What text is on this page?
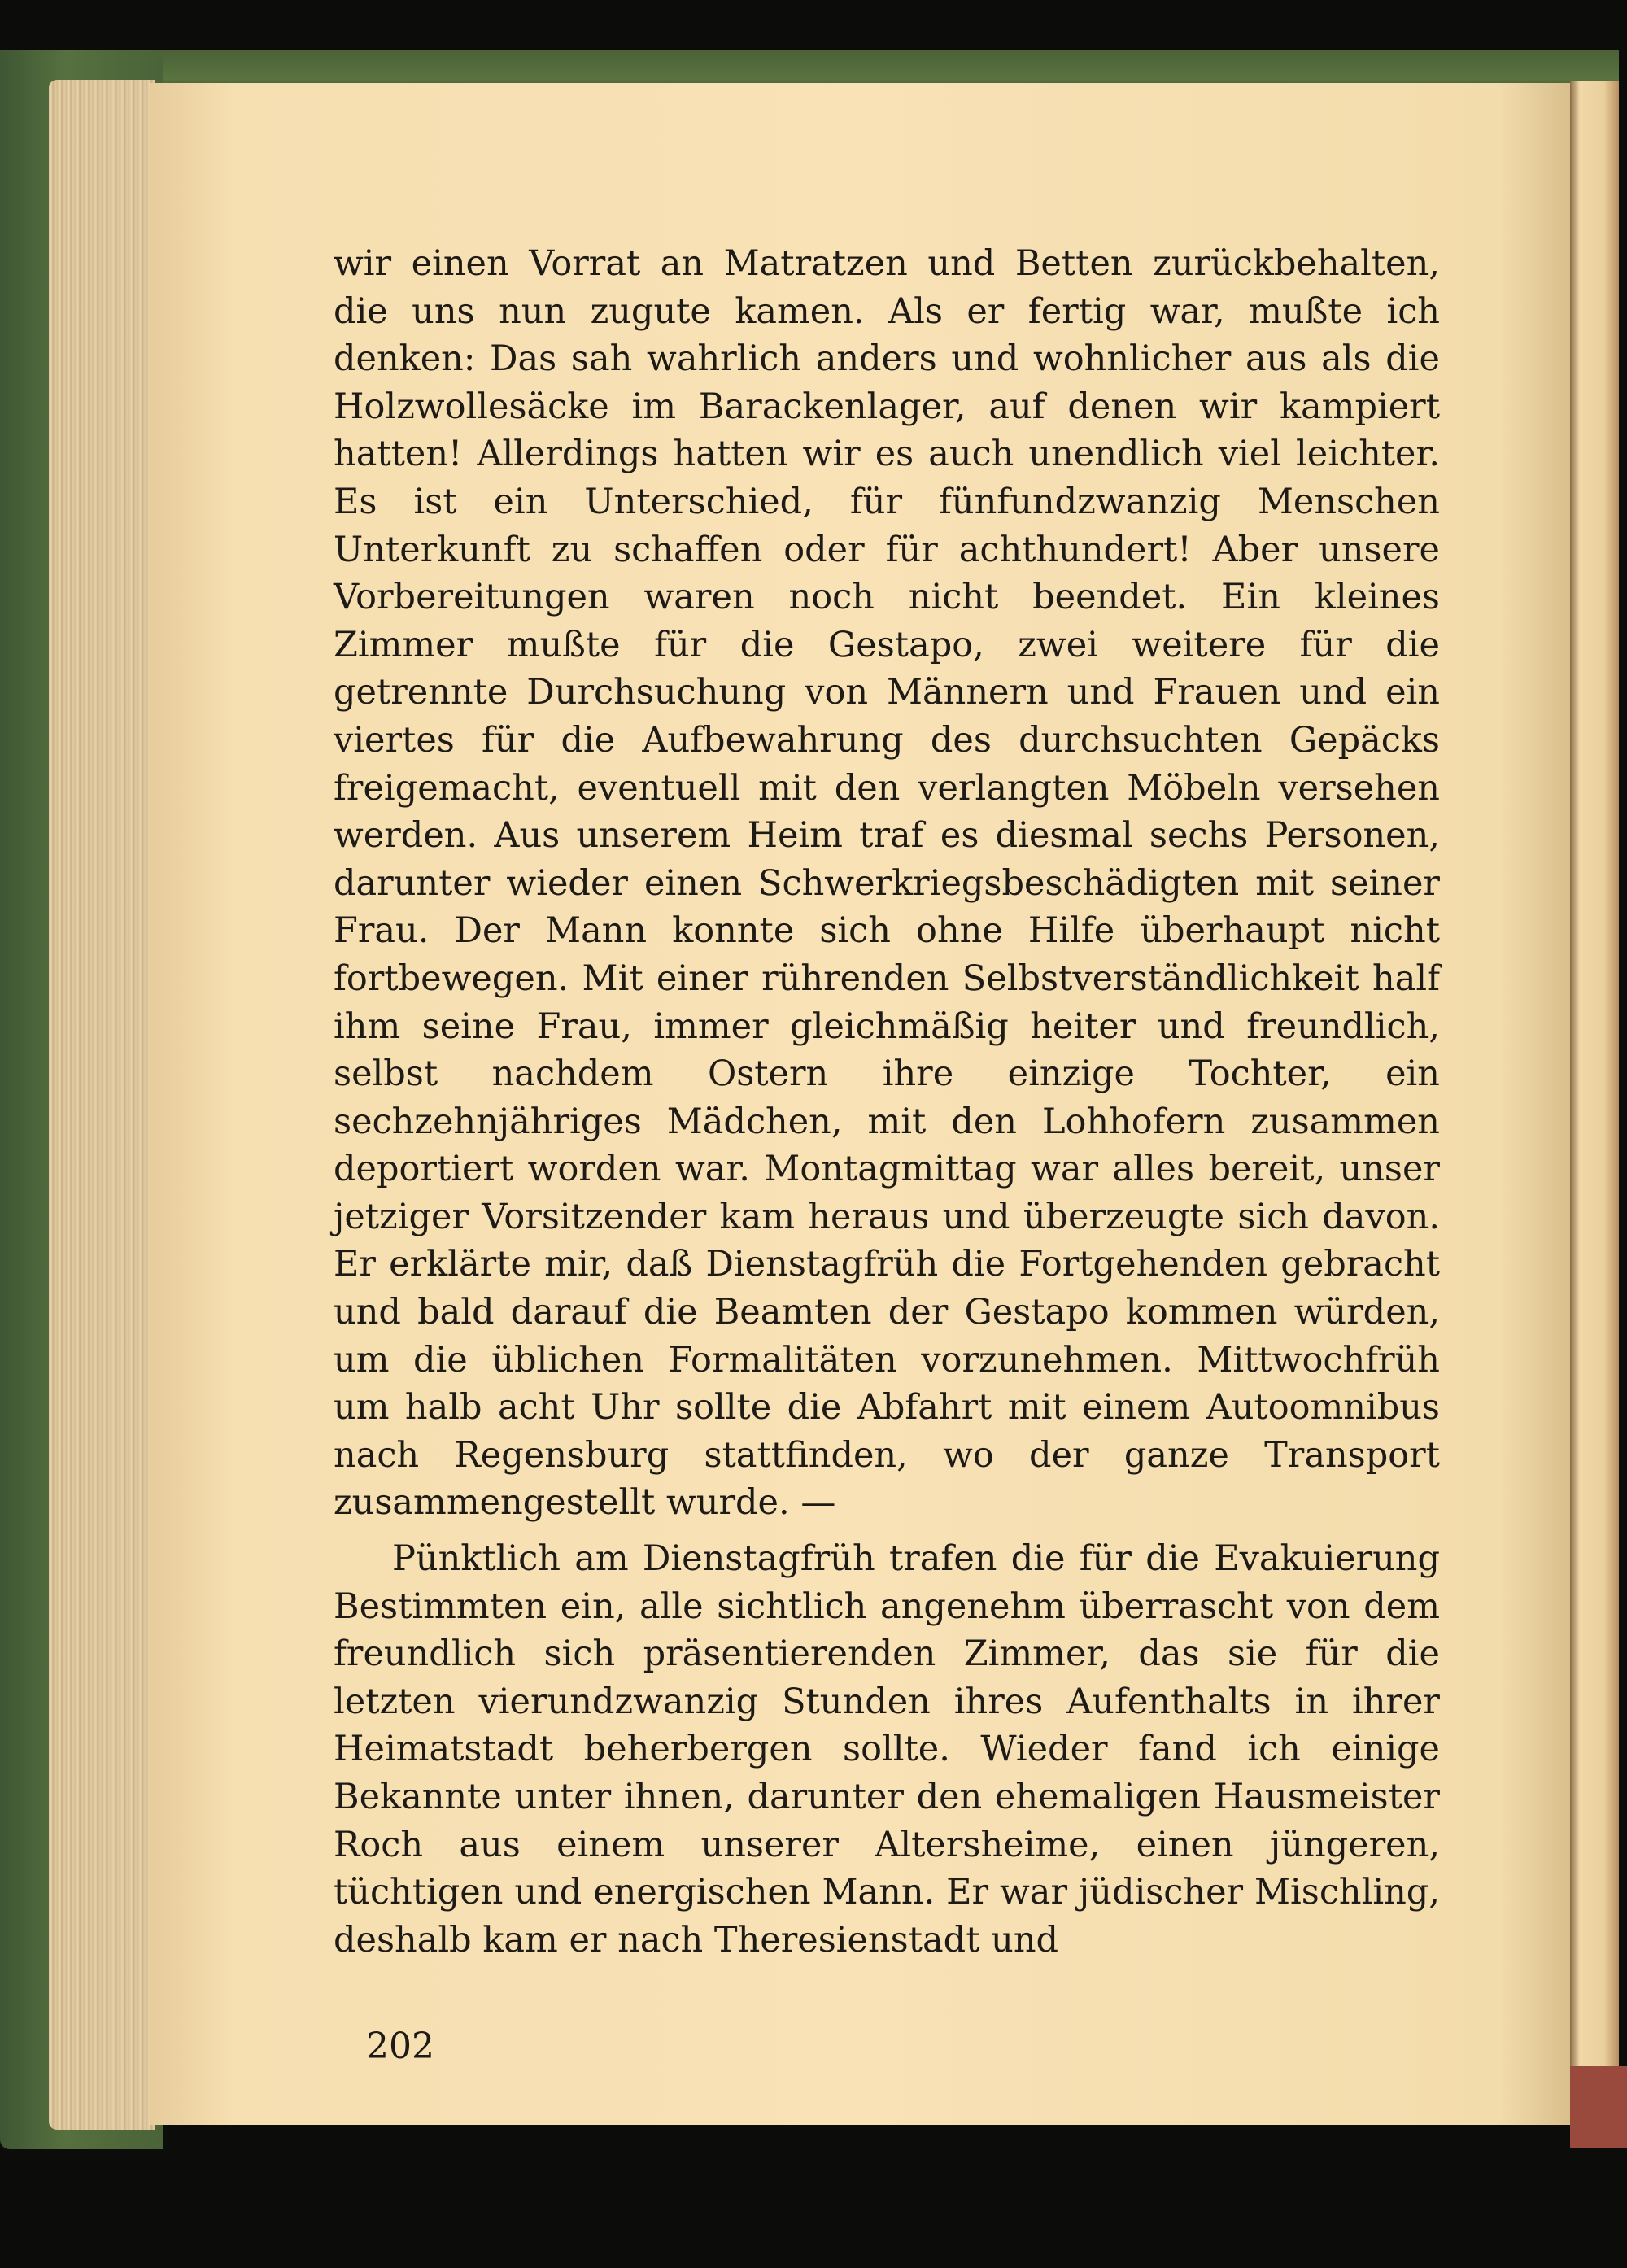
wir einen Vorrat an Matratzen und Betten zurückbehalten, die uns nun zugute kamen. Als er fertig war, mußte ich denken: Das sah wahrlich anders und wohnlicher aus als die Holzwollesäcke im Barackenlager, auf denen wir kampiert hatten! Allerdings hatten wir es auch unendlich viel leichter. Es ist ein Unterschied, für fünfundzwanzig Menschen Unterkunft zu schaffen oder für achthundert! Aber unsere Vorbereitungen waren noch nicht beendet. Ein kleines Zimmer mußte für die Gestapo, zwei weitere für die getrennte Durchsuchung von Männern und Frauen und ein viertes für die Aufbewahrung des durchsuchten Gepäcks freigemacht, eventuell mit den verlangten Möbeln versehen werden. Aus unserem Heim traf es diesmal sechs Personen, darunter wieder einen Schwerkriegsbeschädigten mit seiner Frau. Der Mann konnte sich ohne Hilfe überhaupt nicht fortbewegen. Mit einer rührenden Selbstverständlichkeit half ihm seine Frau, immer gleichmäßig heiter und freundlich, selbst nachdem Ostern ihre einzige Tochter, ein sechzehnjähriges Mädchen, mit den Lohhofern zusammen deportiert worden war. Montagmittag war alles bereit, unser jetziger Vorsitzender kam heraus und überzeugte sich davon. Er erklärte mir, daß Dienstagfrüh die Fortgehenden gebracht und bald darauf die Beamten der Gestapo kommen würden, um die üblichen Formalitäten vorzunehmen. Mittwochfrüh um halb acht Uhr sollte die Abfahrt mit einem Autoomnibus nach Regensburg stattfinden, wo der ganze Transport zusammengestellt wurde. —

Pünktlich am Dienstagfrüh trafen die für die Evakuierung Bestimmten ein, alle sichtlich angenehm überrascht von dem freundlich sich präsentierenden Zimmer, das sie für die letzten vierundzwanzig Stunden ihres Aufenthalts in ihrer Heimatstadt beherbergen sollte. Wieder fand ich einige Bekannte unter ihnen, darunter den ehemaligen Hausmeister Roch aus einem unserer Altersheime, einen jüngeren, tüchtigen und energischen Mann. Er war jüdischer Mischling, deshalb kam er nach Theresienstadt und

202
